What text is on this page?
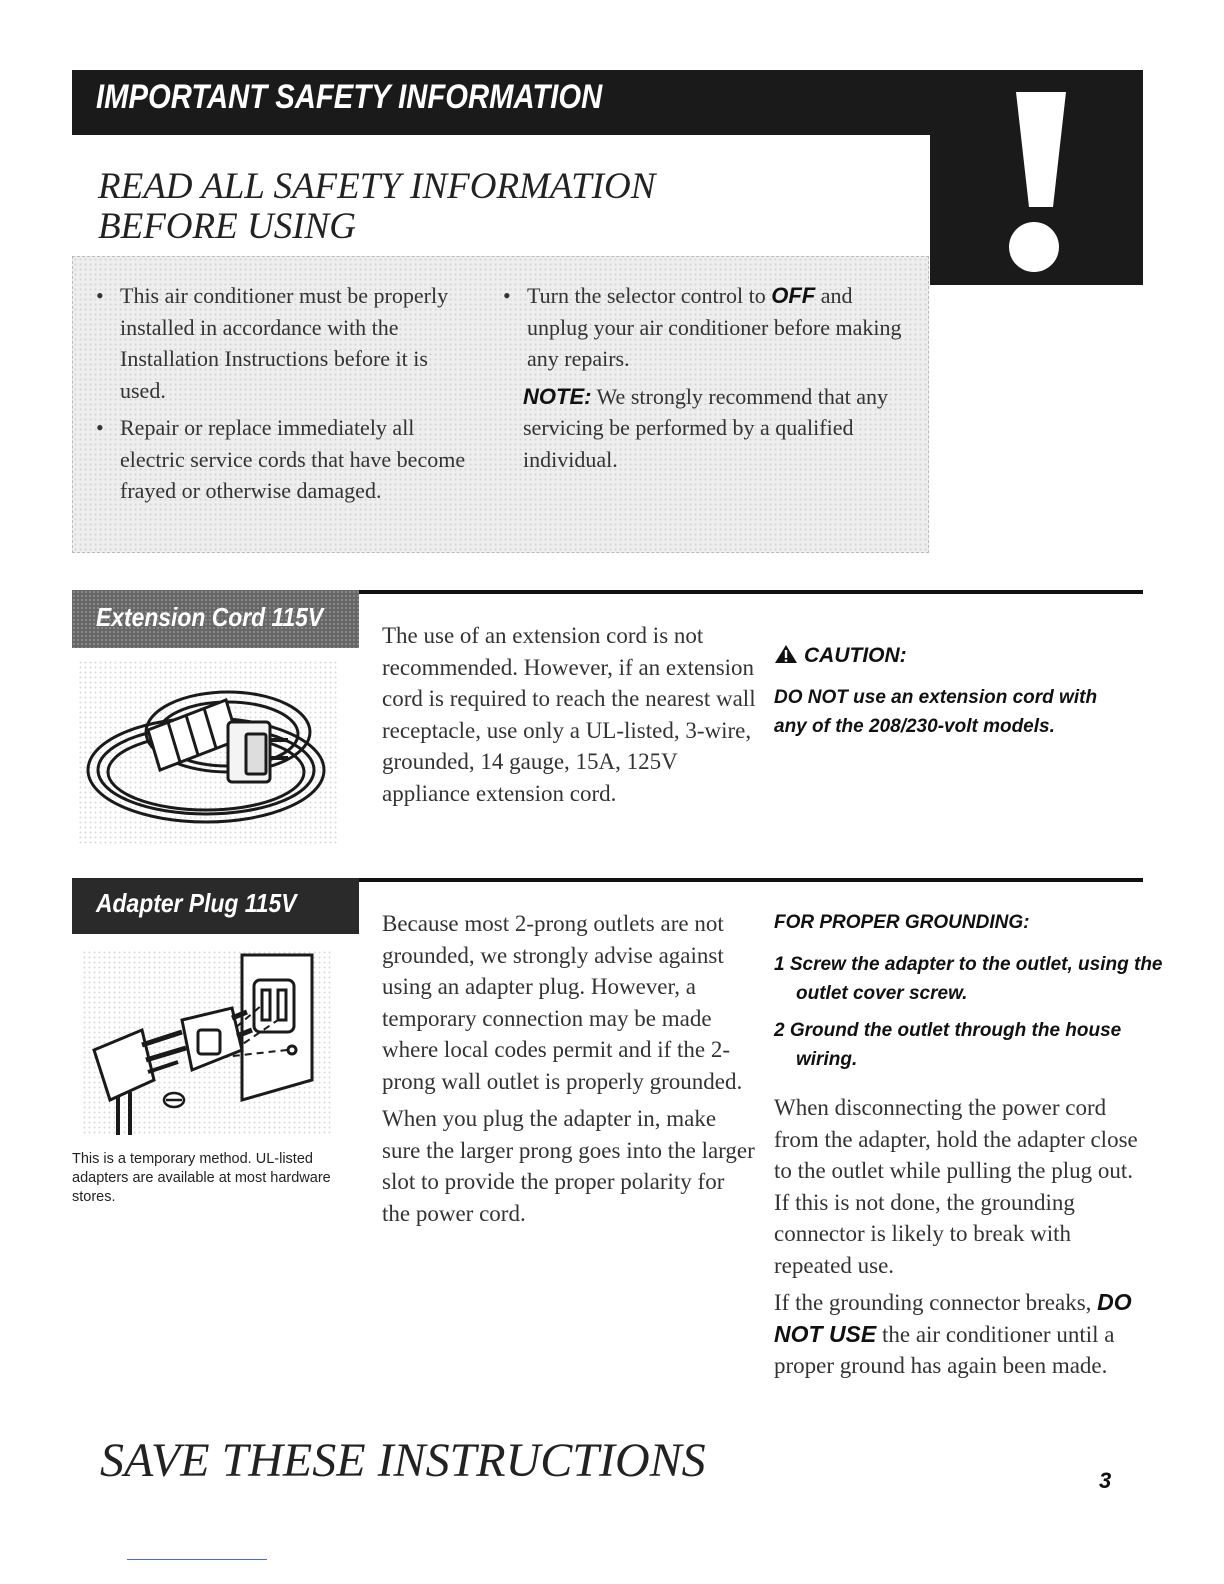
IMPORTANT SAFETY INFORMATION
READ ALL SAFETY INFORMATION
BEFORE USING

• This air conditioner must be properly installed in accordance with the Installation Instructions before it is used.

• Repair or replace immediately all electric service cords that have become frayed or otherwise damaged.

• Turn the selector control to OFF and unplug your air conditioner before making any repairs.

NOTE: We strongly recommend that any servicing be performed by a qualified individual.

Extension Cord 115V

The use of an extension cord is not recommended. However, if an extension cord is required to reach the nearest wall receptacle, use only a UL-listed, 3-wire, grounded, 14 gauge, 15A, 125V appliance extension cord.

CAUTION:
DO NOT use an extension cord with
any of the 208/230-volt models.
Adapter Plug 115V
This is a temporary method. UL-listed adapters are available at most hardware stores.

Because most 2-prong outlets are not grounded, we strongly advise against using an adapter plug. However, a temporary connection may be made where local codes permit and if the 2-prong wall outlet is properly grounded.

When you plug the adapter in, make sure the larger prong goes into the larger slot to provide the proper polarity for the power cord.

FOR PROPER GROUNDING:
1 Screw the adapter to the outlet, using the outlet cover screw.
2 Ground the outlet through the house wiring.

When disconnecting the power cord from the adapter, hold the adapter close to the outlet while pulling the plug out. If this is not done, the grounding connector is likely to break with repeated use.

If the grounding connector breaks, DO NOT USE the air conditioner until a proper ground has again been made.

SAVE THESE INSTRUCTIONS	3
